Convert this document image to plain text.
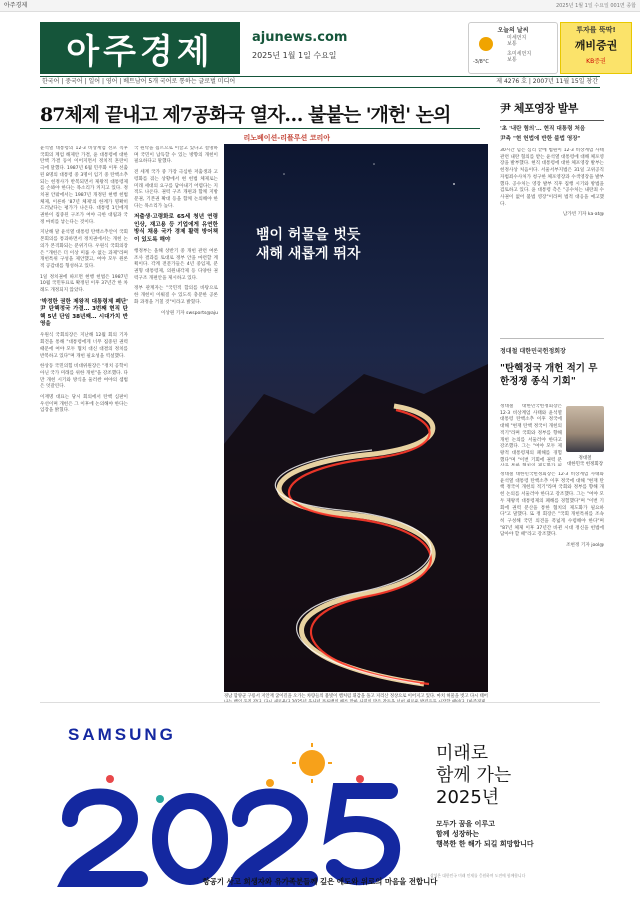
아주경제	2025년 1월 1일 수요일 001면 종합
아주경제	ajunews.com
2025년 1월 1일 수요일
오늘의 날씨
-3/8°C
미세먼지
보통
초미세먼지
보통
투자를 뚝딱!
깨비증권
KB증권
한국어 | 중국어 | 일어 | 영어 | 베트남어 5개 국어로 통하는 글로벌 미디어	제 4276 호 | 2007년 11월 15일 창간
87체제 끝내고 제7공화국 열자… 불붙는 '개헌' 논의
리노베이션-리플루션 코리아

윤석열 대통령의 12·3 비상계엄 선포 직후 국회의 계엄 해제안 가결, 윤 대통령에 대한 탄핵 가결 등이 이어지면서 정치적 혼란이 극에 달했다. 1987년 6월 민주화 이후 선출된 8명의 대통령 중 3명이 임기 중 탄핵소추되는 헌정사가 반복되면서 제왕적 대통령제를 손봐야 한다는 목소리가 커지고 있다. 정치권 안팎에서는 1987년 개정된 현행 헌법 체제, 이른바 '87년 체제'의 한계가 명확히 드러났다는 평가가 나온다. 대통령 1인에게 권한이 집중된 구조가 여야 극한 대립과 국정 마비를 낳는다는 것이다.

지난해 말 윤석열 대통령 탄핵소추안이 국회 본회의를 통과하면서 정치권에서는 개헌 논의가 본격화되는 분위기다. 우원식 국회의장은 "개헌은 더 이상 미룰 수 없는 과제"라며 개헌특위 구성을 제안했고, 여야 모두 원론적 공감대를 형성하고 있다.

1일 정치권에 따르면 현행 헌법은 1987년 10월 국민투표로 확정된 이후 37년간 한 차례도 개정되지 않았다.

'박정한 권한 제왕적 대통령제 폐단' 尹 탄핵정국 가결… 3번째 현직 탄핵 5년 단임 38년째… 시대가치 반영을

우원식 국회의장은 지난해 12월 회의 기자회견을 통해 "대통령에게 너무 집중된 권력 때문에 여야 모두 협치 대신 대결의 정치를 반복하고 있다"며 개헌 필요성을 역설했다.

한상동 국민의힘 비대위원장은 "정치 공학이 아닌 국가 미래를 위한 개헌"을 강조했다. 다만 개헌 시기와 방식을 둘러싼 여야의 셈법은 엇갈린다.

이재명 대표는 당시 회의에서 탄핵 심판이 우선이며 개헌은 그 이후에 논의해야 한다는 입장을 밝혔다.

국 원탁을 집르으로 이끌고 있다고 설명하며 국민이 납득할 수 있는 방향의 개헌이 필요하다고 말했다.

전 세계 국가 중 가장 극심한 저출생과 고령화를 겪는 상황에서 현 헌법 체제로는 미래 세대의 요구를 담아내기 어렵다는 지적도 나온다. 권력 구조 개편과 함께 지방분권, 기본권 확대 등을 함께 논의해야 한다는 목소리가 높다.

저출생·고령화로 65세 청년 연령 인상, 재고용 등 기업에게 유연한 방식 채용 국가 경제 활력 방어책이 있도록 해야

행정부는 올해 상반기 중 개헌 관련 여론 조사 결과를 토대로 정부 안을 마련할 계획이다. 각계 전문가들은 4년 중임제, 분권형 대통령제, 의원내각제 등 다양한 권력구조 개편안을 제시하고 있다.

정부 관계자는 "국민적 합의를 바탕으로 한 개헌이 이뤄질 수 있도록 충분한 공론화 과정을 거칠 것"이라고 밝혔다.

이상원 기자 swsports@aju

뱀이 허물을 벗듯
새해 새롭게 뛰자
경남 함양군 구룡서 지안재 굽이길을 오가는 차량들의 불빛이 뱀처럼 휘감을 돌고 지리산 정상으로 이어지고 있다. 마치 허물을 벗고 다시 태어
尹 체포영장 발부
'초 '내란 혐의'… 현직 대통령 처음
尹측 "현 헌법에 반한 불법 영장"

30시간 넘는 심리 끝에 법원이 12·3 비상계엄 사태 관련 내란 혐의를 받는 윤석열 대통령에 대해 체포영장을 발부했다. 현직 대통령에 대한 체포영장 발부는 헌정사상 처음이다. 서울서부지법은 31일 고위공직자범죄수사처가 청구한 체포영장과 수색영장을 발부했다. 공수처는 영장 발부 직후 집행 시기와 방법을 검토하고 있다. 윤 대통령 측은 "공수처는 내란죄 수사권이 없어 불법 영장"이라며 법적 대응을 예고했다.

남가빈 기자 ka·at@

정대철 대한민국헌정회장
"탄핵정국 개헌 적기 무한정쟁 종식 기회"

정대철 대한민국헌정회장은 12·3 비상계엄 사태와 윤석열 대통령 탄핵소추 이후 정국에 대해 "현재 탄핵 정국이 개헌의 적기"라며 국회와 정부를 향해 개헌 논의를 서둘러야 한다고 강조했다. 그는 "여야 모두 제왕적 대통령제의 폐해를 경험했다"며 "이번 기회에 권력 분	정대철
대한민국 헌정회장

정대철 대한민국헌정회장은 12·3 비상계엄 사태와 윤석열 대통령 탄핵소추 이후 정국에 대해 "현재 탄핵 정국이 개헌의 적기"라며 국회와 정부를 향해 개헌 논의를 서둘러야 한다고 강조했다. 그는 "여야 모두 제왕적 대통령제의 폐해를 경험했다"며 "이번 기회에 권력 분산을 통한 협치의 제도화가 필요하다"고 말했다. 또 정 회장은 "국회 개헌특위를 조속히 구성해 국민 의견을 폭넓게 수렴해야 한다"며 "87년 체제 이후 37년간 바뀐 시대 정신을 헌법에 담아야 할 때"라고 강조했다.

조현정 기자 jool@

SAMSUNG
미래로
함께 가는
2025년
모두가 꿈을 이루고
함께 성장하는
행복한 한 해가 되길 희망합니다
삼성은 대한민국 미래 인재를 응원하며 도전에 함께합니다
항공기 사고 희생자와 유가족분들께 깊은 애도와 위로의 마음을 전합니다
